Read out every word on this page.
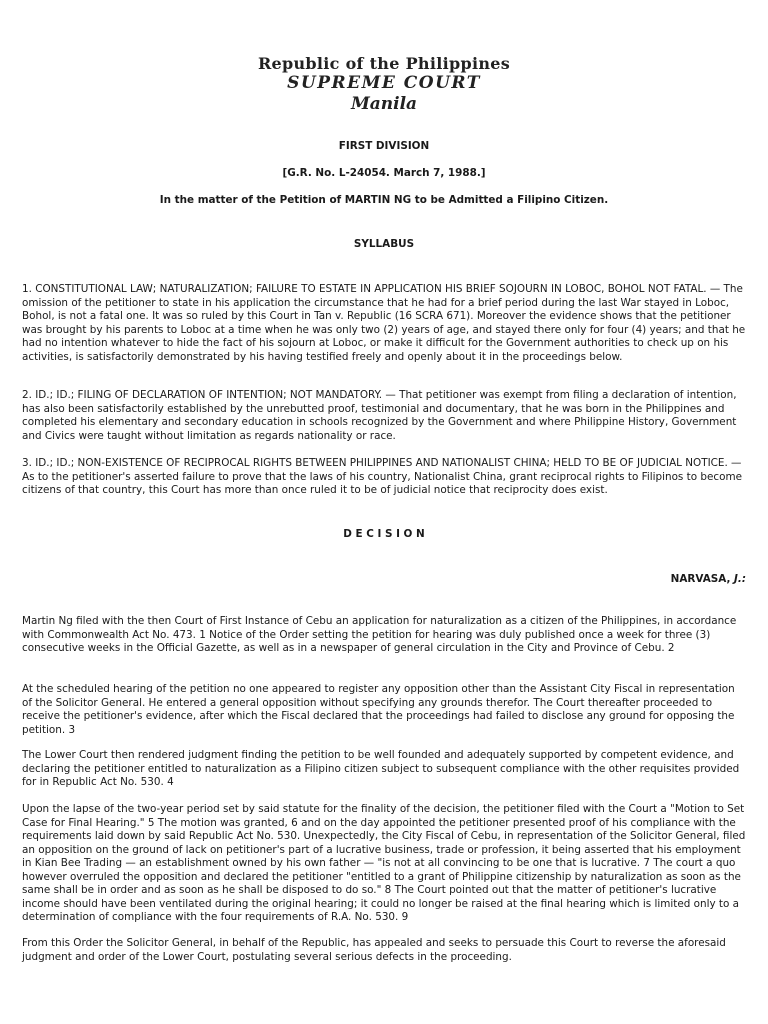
Republic of the Philippines
SUPREME COURT
Manila
FIRST DIVISION
[G.R. No. L-24054. March 7, 1988.]
In the matter of the Petition of MARTIN NG to be Admitted a Filipino Citizen.
SYLLABUS

1. CONSTITUTIONAL LAW; NATURALIZATION; FAILURE TO ESTATE IN APPLICATION HIS BRIEF SOJOURN IN LOBOC, BOHOL NOT FATAL. — The omission of the petitioner to state in his application the circumstance that he had for a brief period during the last War stayed in Loboc, Bohol, is not a fatal one. It was so ruled by this Court in Tan v. Republic (16 SCRA 671). Moreover the evidence shows that the petitioner was brought by his parents to Loboc at a time when he was only two (2) years of age, and stayed there only for four (4) years; and that he had no intention whatever to hide the fact of his sojourn at Loboc, or make it difficult for the Government authorities to check up on his activities, is satisfactorily demonstrated by his having testified freely and openly about it in the proceedings below.

2. ID.; ID.; FILING OF DECLARATION OF INTENTION; NOT MANDATORY. — That petitioner was exempt from filing a declaration of intention, has also been satisfactorily established by the unrebutted proof, testimonial and documentary, that he was born in the Philippines and completed his elementary and secondary education in schools recognized by the Government and where Philippine History, Government and Civics were taught without limitation as regards nationality or race.

3. ID.; ID.; NON-EXISTENCE OF RECIPROCAL RIGHTS BETWEEN PHILIPPINES AND NATIONALIST CHINA; HELD TO BE OF JUDICIAL NOTICE. — As to the petitioner's asserted failure to prove that the laws of his country, Nationalist China, grant reciprocal rights to Filipinos to become citizens of that country, this Court has more than once ruled it to be of judicial notice that reciprocity does exist.

D E C I S I O N
NARVASA, J.:

Martin Ng filed with the then Court of First Instance of Cebu an application for naturalization as a citizen of the Philippines, in accordance with Commonwealth Act No. 473. 1 Notice of the Order setting the petition for hearing was duly published once a week for three (3) consecutive weeks in the Official Gazette, as well as in a newspaper of general circulation in the City and Province of Cebu. 2

At the scheduled hearing of the petition no one appeared to register any opposition other than the Assistant City Fiscal in representation of the Solicitor General. He entered a general opposition without specifying any grounds therefor. The Court thereafter proceeded to receive the petitioner's evidence, after which the Fiscal declared that the proceedings had failed to disclose any ground for opposing the petition. 3

The Lower Court then rendered judgment finding the petition to be well founded and adequately supported by competent evidence, and declaring the petitioner entitled to naturalization as a Filipino citizen subject to subsequent compliance with the other requisites provided for in Republic Act No. 530. 4

Upon the lapse of the two-year period set by said statute for the finality of the decision, the petitioner filed with the Court a "Motion to Set Case for Final Hearing." 5 The motion was granted, 6 and on the day appointed the petitioner presented proof of his compliance with the requirements laid down by said Republic Act No. 530. Unexpectedly, the City Fiscal of Cebu, in representation of the Solicitor General, filed an opposition on the ground of lack on petitioner's part of a lucrative business, trade or profession, it being asserted that his employment in Kian Bee Trading — an establishment owned by his own father — "is not at all convincing to be one that is lucrative. 7 The court a quo however overruled the opposition and declared the petitioner "entitled to a grant of Philippine citizenship by naturalization as soon as the same shall be in order and as soon as he shall be disposed to do so." 8 The Court pointed out that the matter of petitioner's lucrative income should have been ventilated during the original hearing; it could no longer be raised at the final hearing which is limited only to a determination of compliance with the four requirements of R.A. No. 530. 9

From this Order the Solicitor General, in behalf of the Republic, has appealed and seeks to persuade this Court to reverse the aforesaid judgment and order of the Lower Court, postulating several serious defects in the proceeding.
